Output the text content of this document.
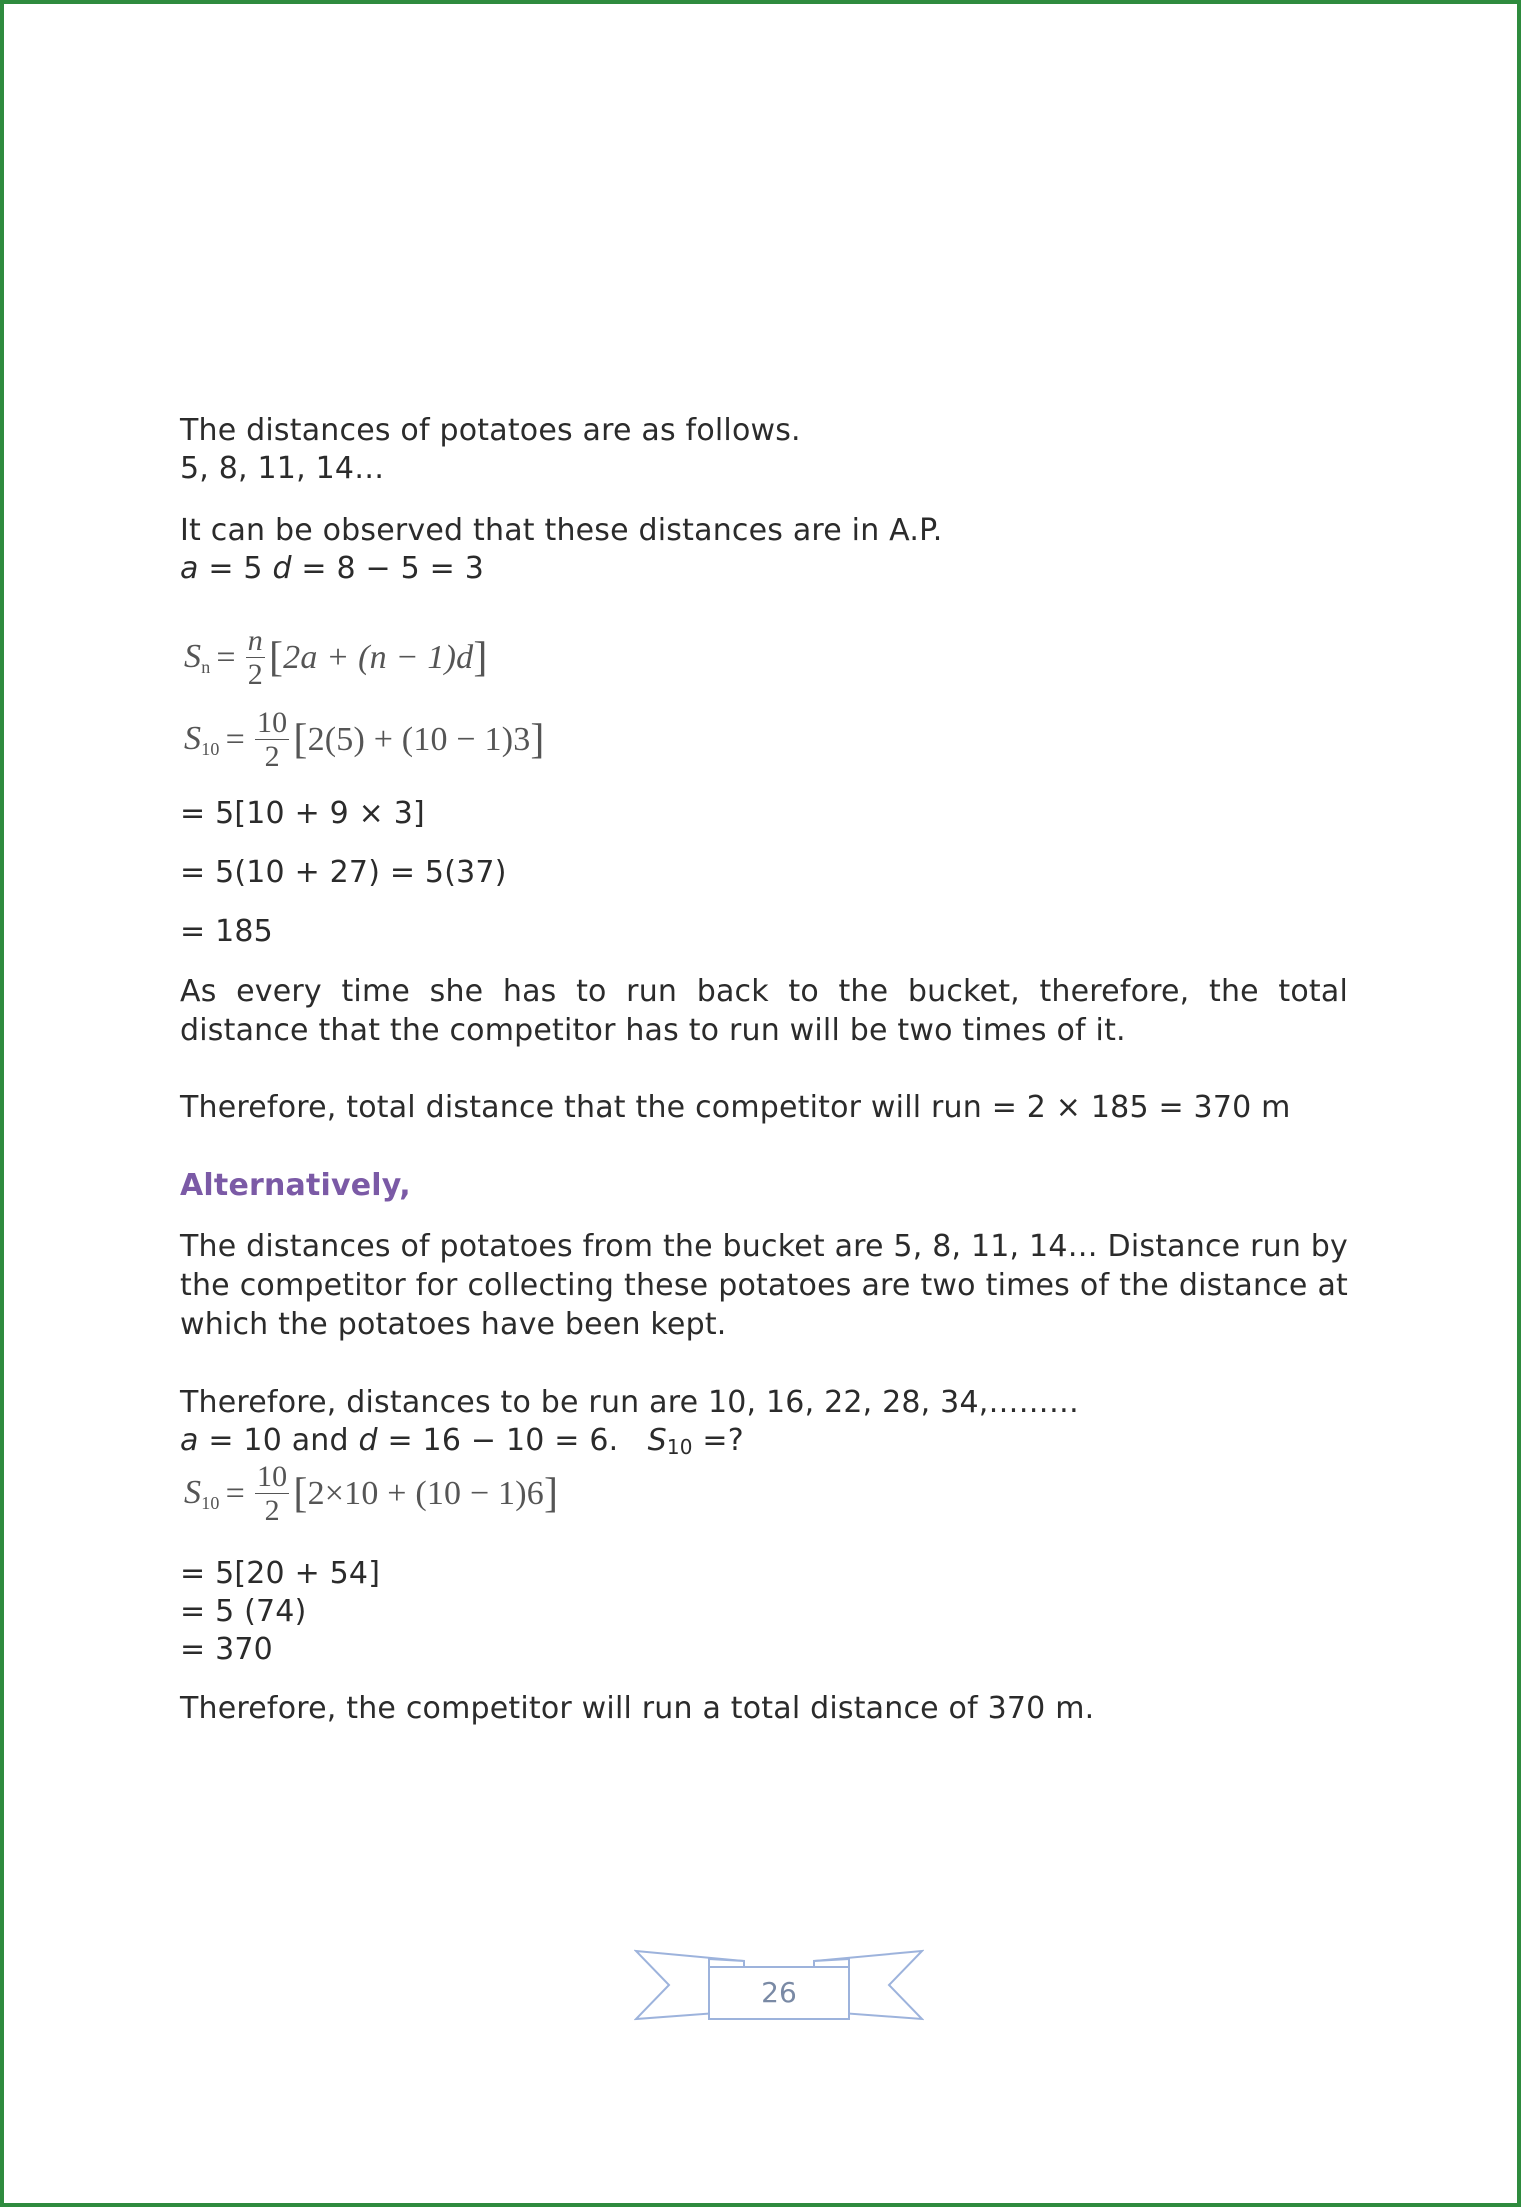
The distances of potatoes are as follows.
5, 8, 11, 14…
It can be observed that these distances are in A.P.
a = 5 d = 8 − 5 = 3
$S_n = \frac{n}{2}$ [ 2a + (n − 1)d ]
$S_{10} = \frac{10}{2}$ [ 2(5) + (10 − 1)3 ]
= 5[10 + 9 × 3]
= 5(10 + 27) = 5(37)
= 185
As every time she has to run back to the bucket, therefore, the total distance that the competitor has to run will be two times of it.
Therefore, total distance that the competitor will run = 2 × 185 = 370 m
Alternatively,
The distances of potatoes from the bucket are 5, 8, 11, 14… Distance run by the competitor for collecting these potatoes are two times of the distance at which the potatoes have been kept.
Therefore, distances to be run are 10, 16, 22, 28, 34,………
a = 10 and d = 16 − 10 = 6.   $S_{10}$ =?
$S_{10} = \frac{10}{2}$ [ 2×10 + (10 − 1)6 ]
= 5[20 + 54]
= 5 (74)
= 370
Therefore, the competitor will run a total distance of 370 m.
26
